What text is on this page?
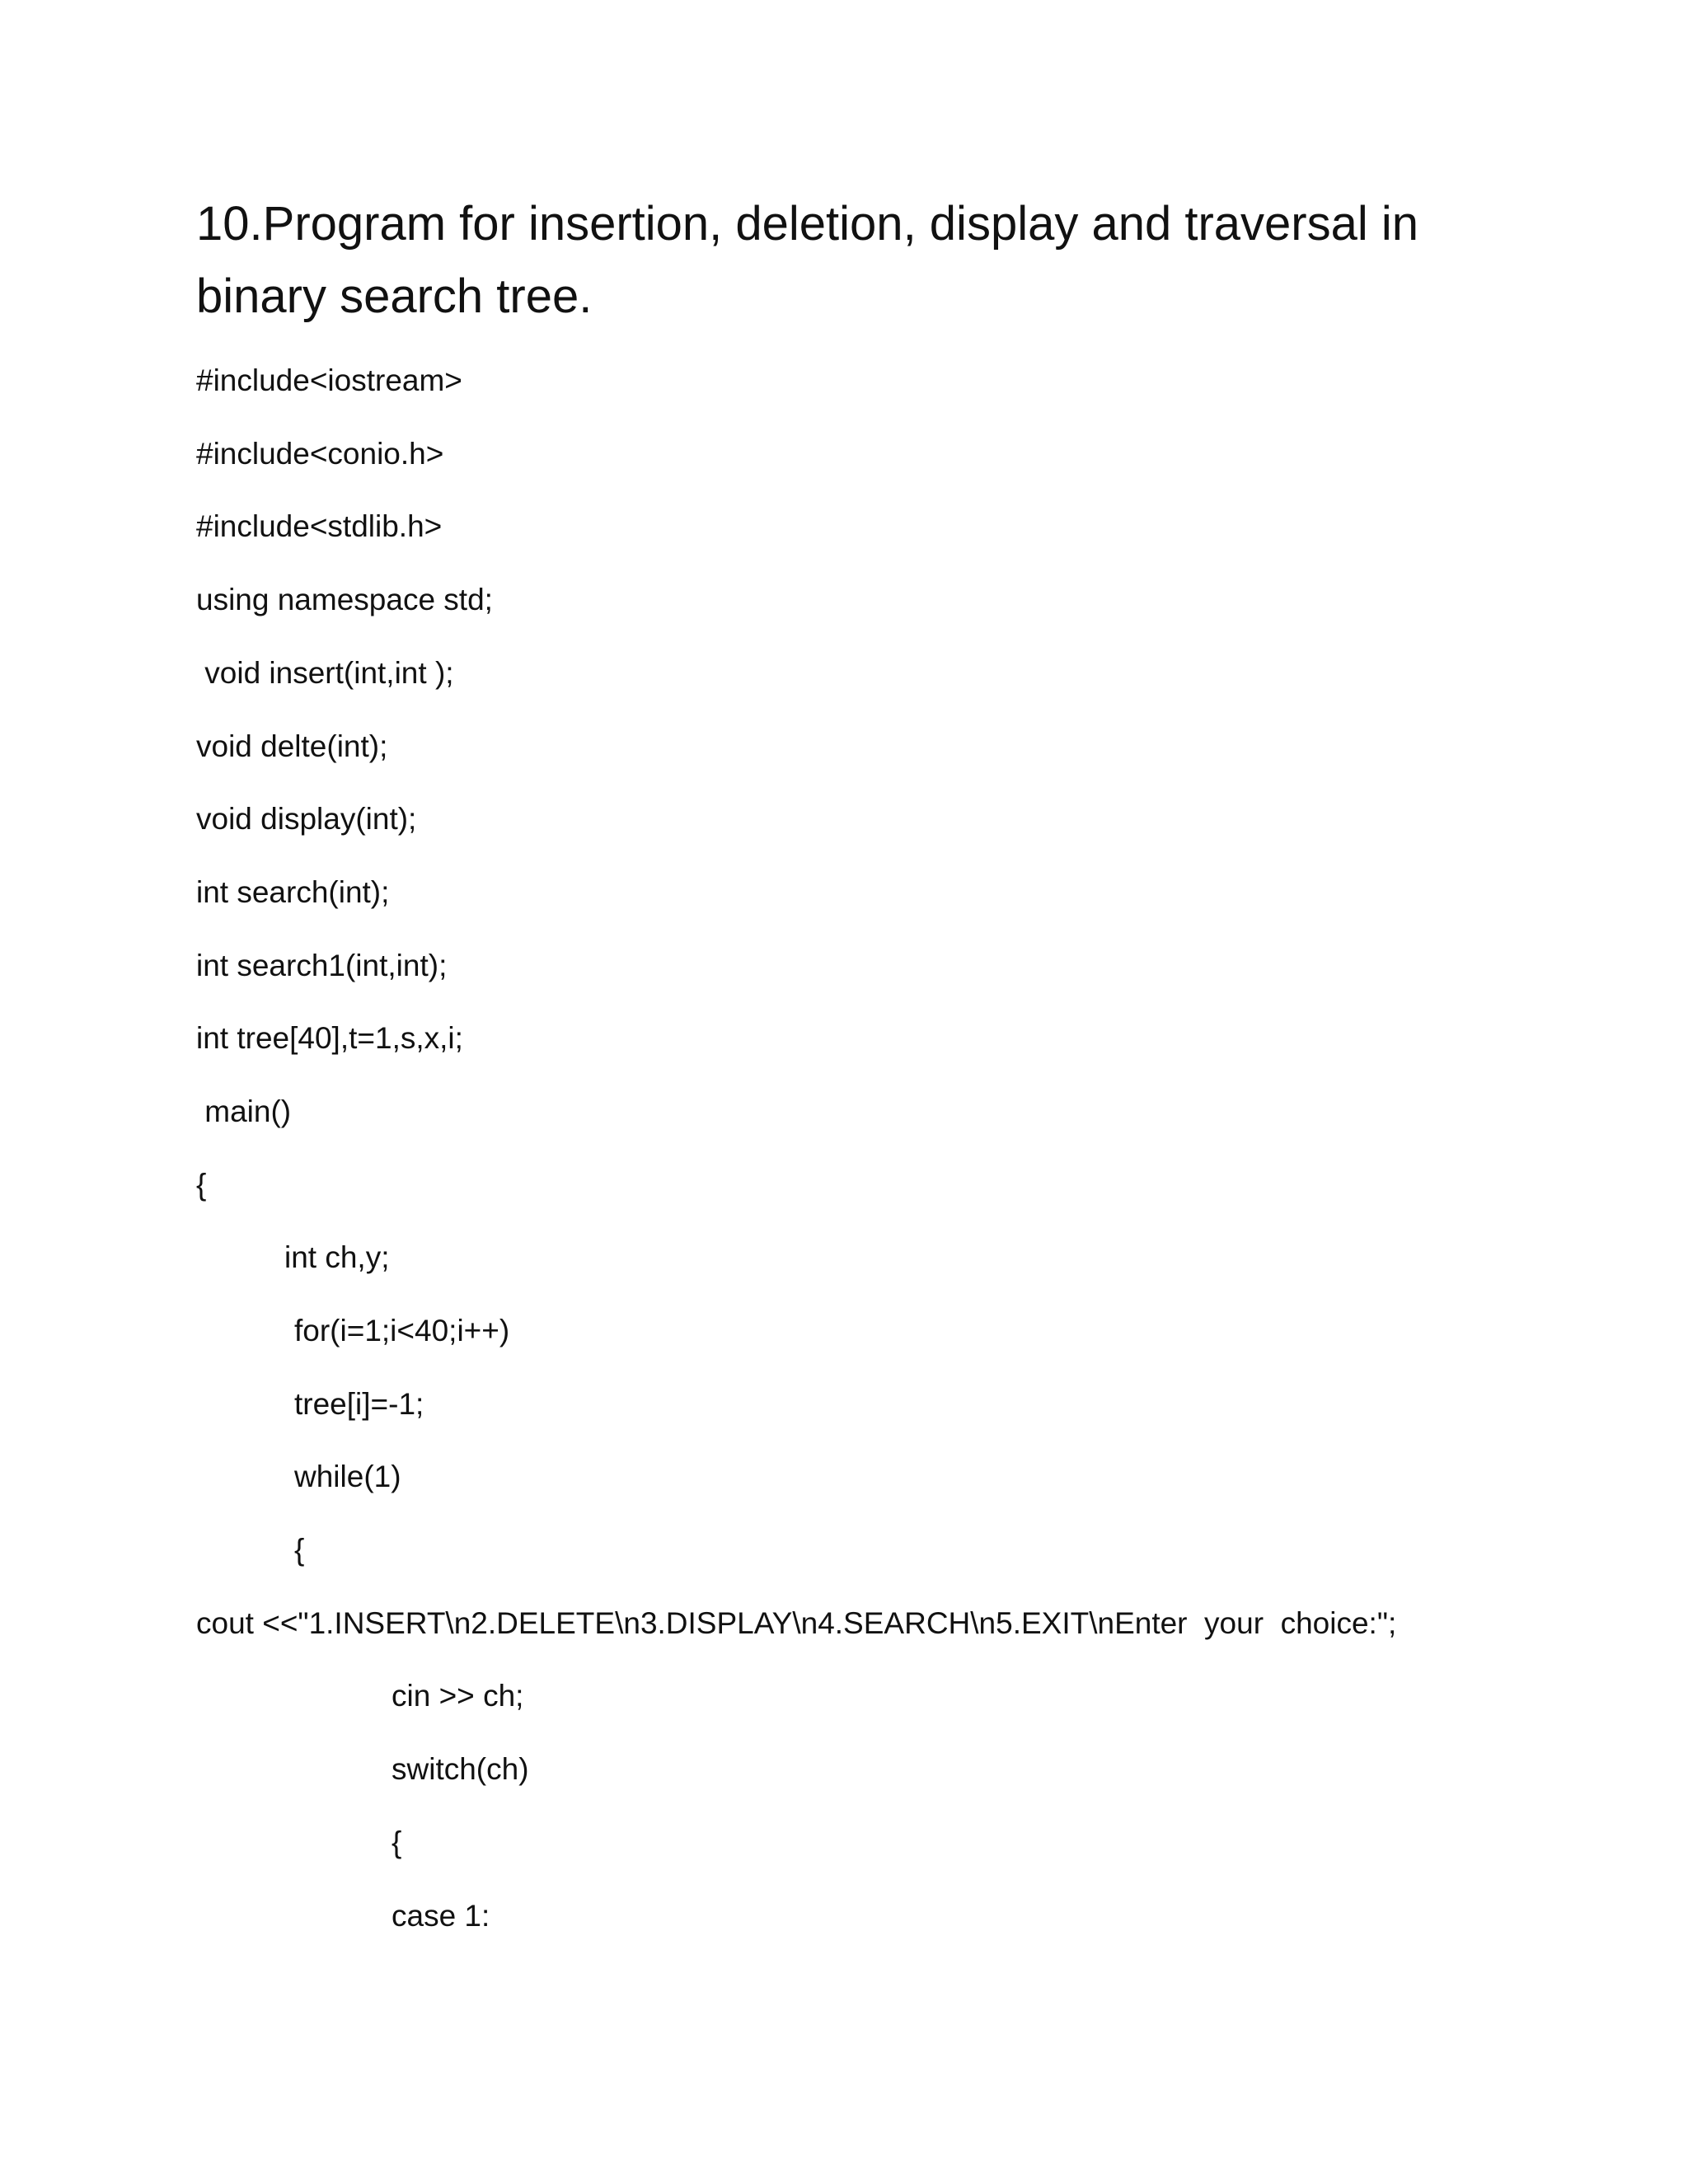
10.Program for insertion, deletion, display and traversal in binary search tree.
#include<iostream>
#include<conio.h>
#include<stdlib.h>
using namespace std;
void insert(int,int );
void delte(int);
void display(int);
int search(int);
int search1(int,int);
int tree[40],t=1,s,x,i;
main()
{
int ch,y;
for(i=1;i<40;i++)
tree[i]=-1;
while(1)
{
cout <<"1.INSERT\n2.DELETE\n3.DISPLAY\n4.SEARCH\n5.EXIT\nEnter  your  choice:";
cin >> ch;
switch(ch)
{
case 1:
